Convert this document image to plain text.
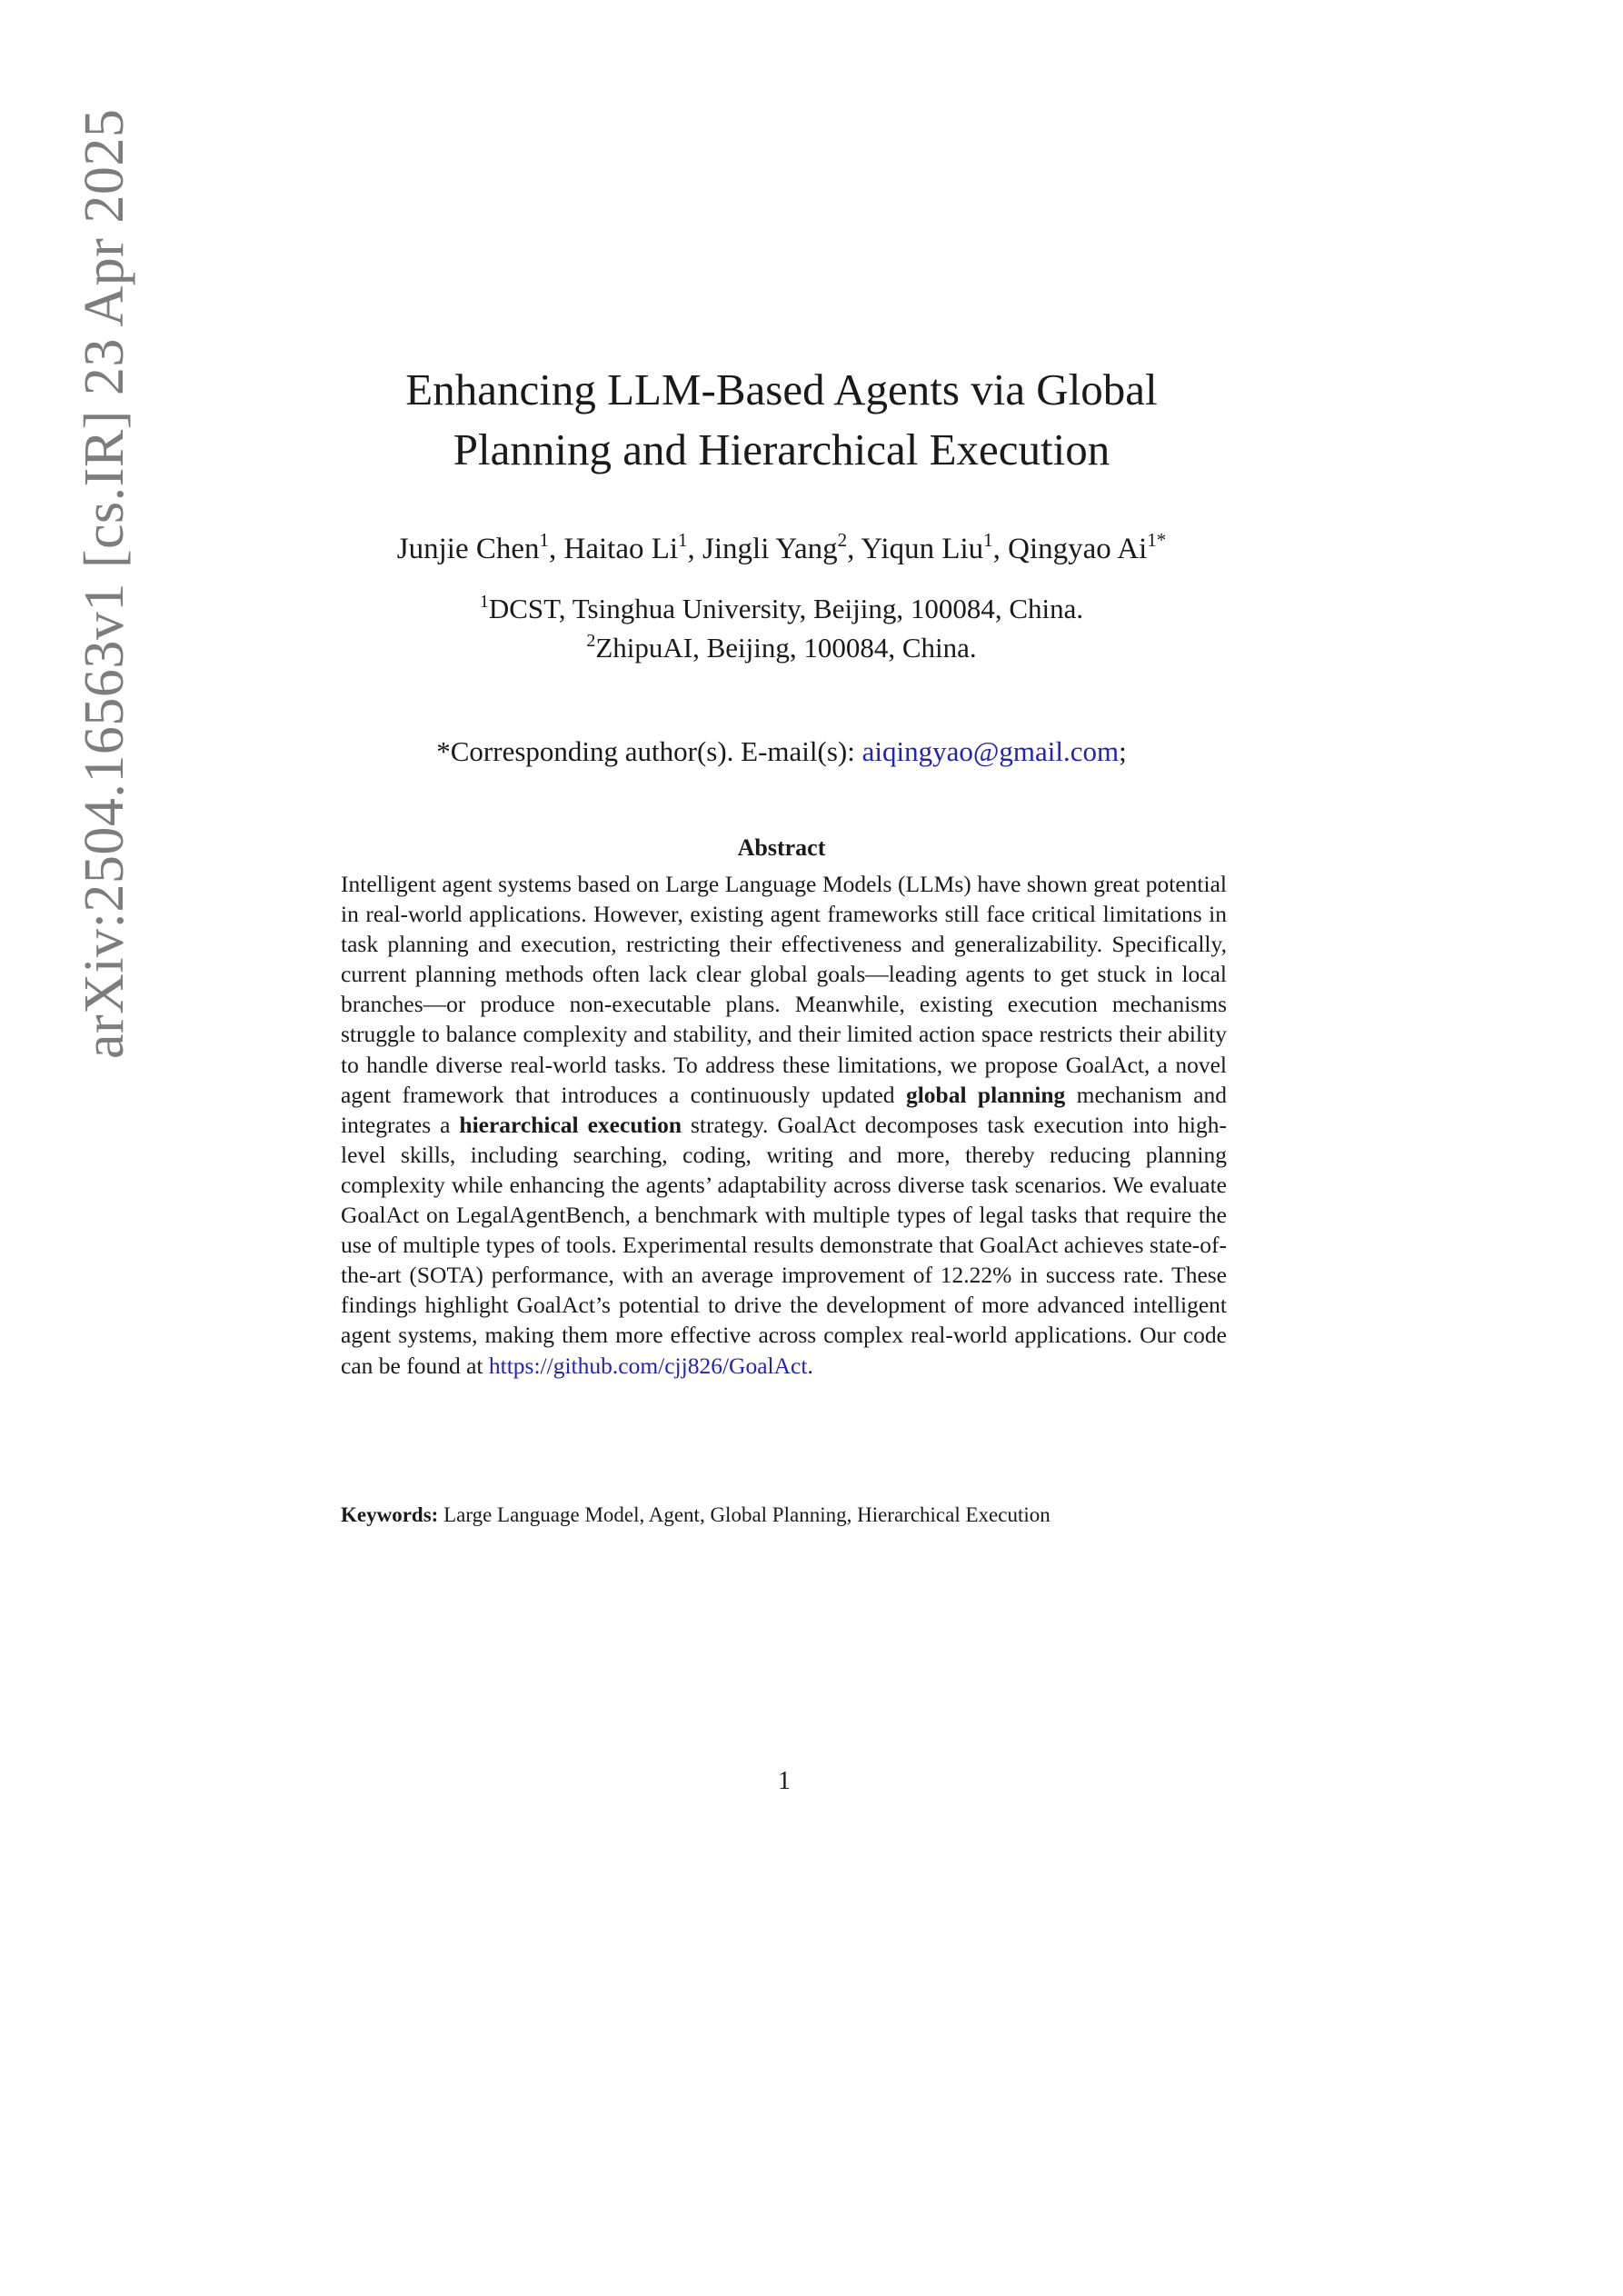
arXiv:2504.16563v1 [cs.IR] 23 Apr 2025	Enhancing LLM-Based Agents via Global
Planning and Hierarchical Execution
Junjie Chen$^1$, Haitao Li$^1$, Jingli Yang$^2$, Yiqun Liu$^1$, Qingyao $Ai^{1*}$
$^1$DCST, Tsinghua University, Beijing, 100084, China.
$^2$ZhipuAI, Beijing, 100084, China.
*Corresponding author(s). E-mail(s): aiqingyao@gmail.com;
Abstract

Intelligent agent systems based on Large Language Models (LLMs) have shown great potential in real-world applications. However, existing agent frameworks still face critical limitations in task planning and execution, restricting their effectiveness and generalizability. Specifically, current planning methods often lack clear global goals—leading agents to get stuck in local branches—or produce non-executable plans. Meanwhile, existing execution mechanisms struggle to balance complexity and stability, and their limited action space restricts their ability to handle diverse real-world tasks. To address these limitations, we propose GoalAct, a novel agent framework that introduces a continuously updated global planning mechanism and integrates a hierarchical execution strategy. GoalAct decomposes task execution into high-level skills, including searching, coding, writing and more, thereby reducing planning complexity while enhancing the agents’ adaptability across diverse task scenarios. We evaluate GoalAct on LegalAgentBench, a benchmark with multiple types of legal tasks that require the use of multiple types of tools. Experimental results demonstrate that GoalAct achieves state-of-the-art (SOTA) performance, with an average improvement of 12.22% in success rate. These findings highlight GoalAct’s potential to drive the development of more advanced intelligent agent systems, making them more effective across complex real-world applications. Our code can be found at https://github.com/cjj826/GoalAct.

Keywords: Large Language Model, Agent, Global Planning, Hierarchical Execution
1
